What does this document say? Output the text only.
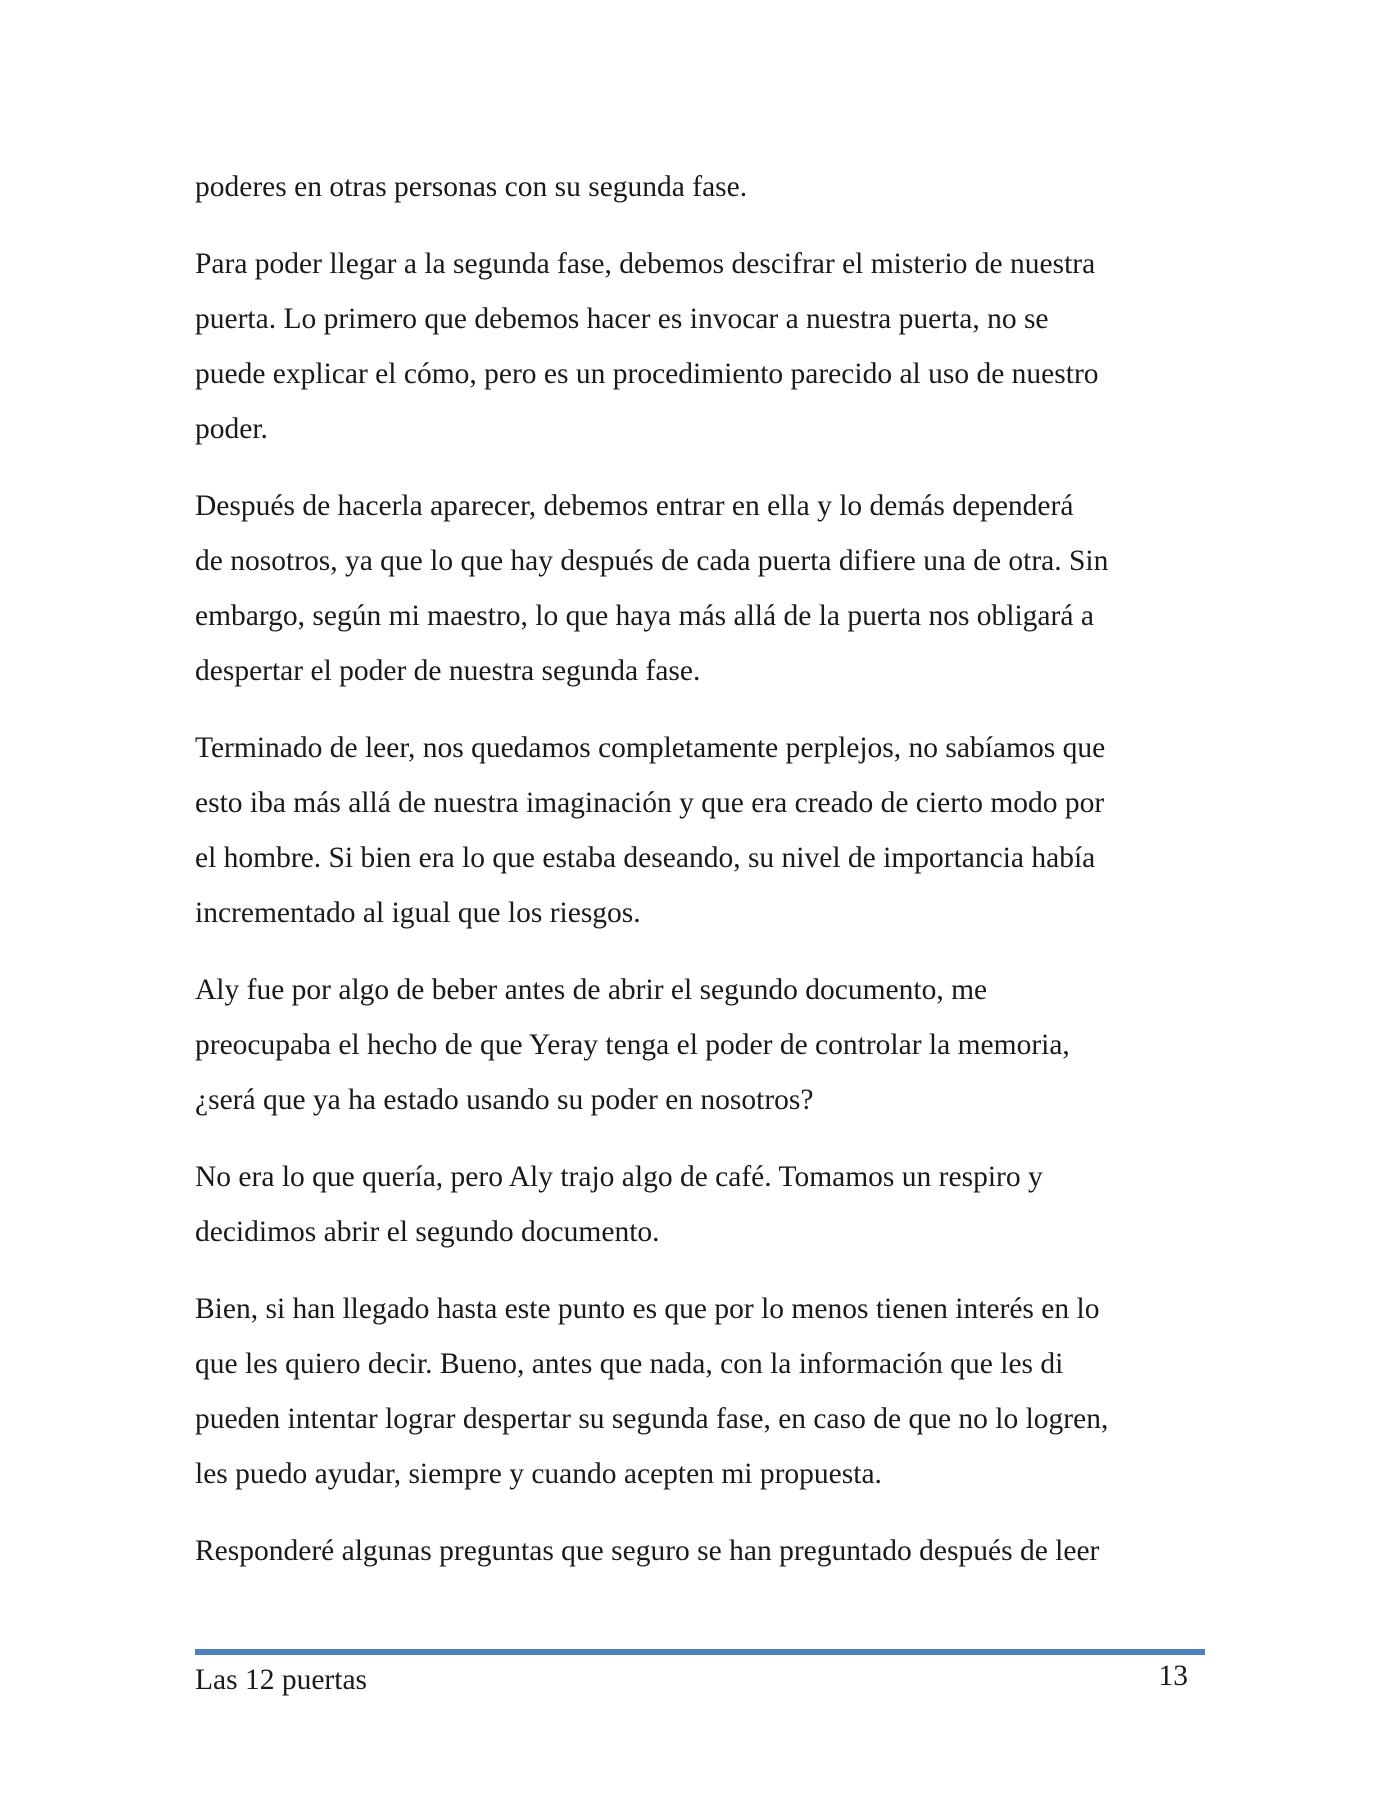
poderes en otras personas con su segunda fase.

Para poder llegar a la segunda fase, debemos descifrar el misterio de nuestra
puerta. Lo primero que debemos hacer es invocar a nuestra puerta, no se
puede explicar el cómo, pero es un procedimiento parecido al uso de nuestro
poder.

Después de hacerla aparecer, debemos entrar en ella y lo demás dependerá
de nosotros, ya que lo que hay después de cada puerta difiere una de otra. Sin
embargo, según mi maestro, lo que haya más allá de la puerta nos obligará a
despertar el poder de nuestra segunda fase.

Terminado de leer, nos quedamos completamente perplejos, no sabíamos que
esto iba más allá de nuestra imaginación y que era creado de cierto modo por
el hombre. Si bien era lo que estaba deseando, su nivel de importancia había
incrementado al igual que los riesgos.

Aly fue por algo de beber antes de abrir el segundo documento, me
preocupaba el hecho de que Yeray tenga el poder de controlar la memoria,
¿será que ya ha estado usando su poder en nosotros?

No era lo que quería, pero Aly trajo algo de café. Tomamos un respiro y
decidimos abrir el segundo documento.

Bien, si han llegado hasta este punto es que por lo menos tienen interés en lo
que les quiero decir. Bueno, antes que nada, con la información que les di
pueden intentar lograr despertar su segunda fase, en caso de que no lo logren,
les puedo ayudar, siempre y cuando acepten mi propuesta.

Responderé algunas preguntas que seguro se han preguntado después de leer

Las 12 puertas	13
